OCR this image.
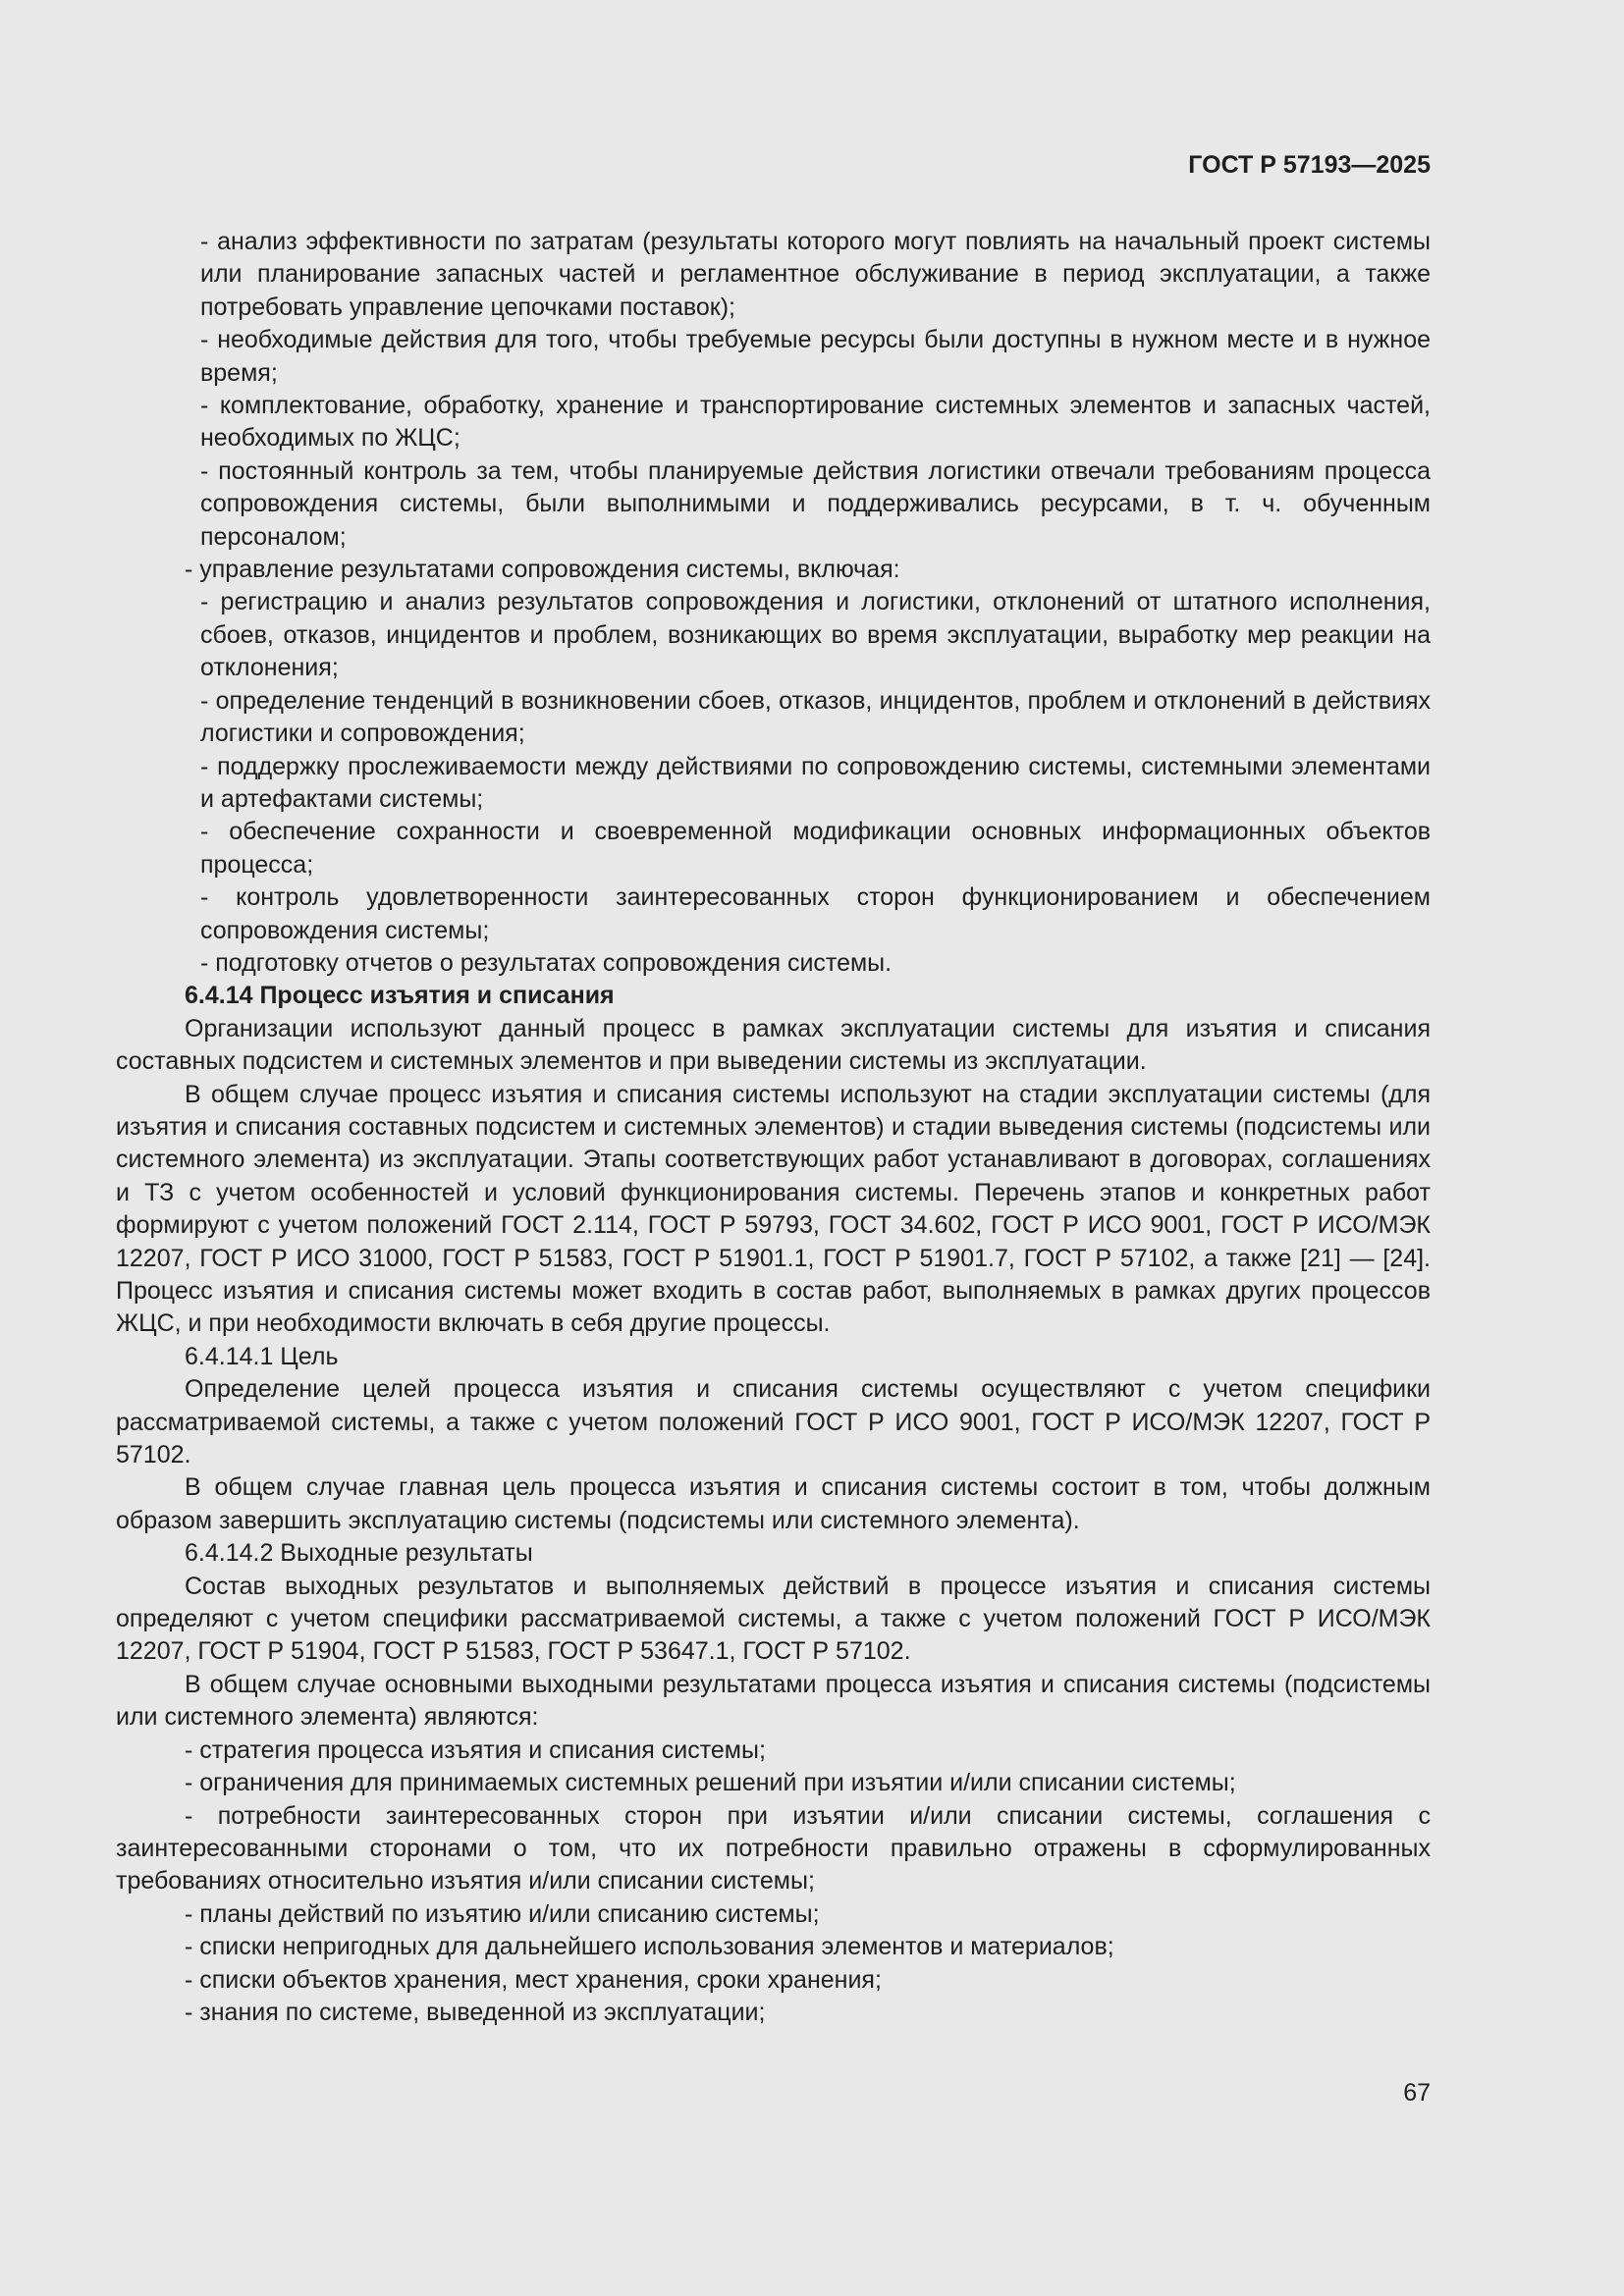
ГОСТ Р 57193—2025

- анализ эффективности по затратам (результаты которого могут повлиять на начальный проект системы или планирование запасных частей и регламентное обслуживание в период эксплуатации, а также потребовать управление цепочками поставок);

- необходимые действия для того, чтобы требуемые ресурсы были доступны в нужном месте и в нужное время;

- комплектование, обработку, хранение и транспортирование системных элементов и запасных частей, необходимых по ЖЦС;

- постоянный контроль за тем, чтобы планируемые действия логистики отвечали требованиям процесса сопровождения системы, были выполнимыми и поддерживались ресурсами, в т. ч. обученным персоналом;

- управление результатами сопровождения системы, включая:

- регистрацию и анализ результатов сопровождения и логистики, отклонений от штатного исполнения, сбоев, отказов, инцидентов и проблем, возникающих во время эксплуатации, выработку мер реакции на отклонения;

- определение тенденций в возникновении сбоев, отказов, инцидентов, проблем и отклонений в действиях логистики и сопровождения;

- поддержку прослеживаемости между действиями по сопровождению системы, системными элементами и артефактами системы;

- обеспечение сохранности и своевременной модификации основных информационных объектов процесса;

- контроль удовлетворенности заинтересованных сторон функционированием и обеспечением сопровождения системы;

- подготовку отчетов о результатах сопровождения системы.

6.4.14 Процесс изъятия и списания

Организации используют данный процесс в рамках эксплуатации системы для изъятия и списания составных подсистем и системных элементов и при выведении системы из эксплуатации.

В общем случае процесс изъятия и списания системы используют на стадии эксплуатации системы (для изъятия и списания составных подсистем и системных элементов) и стадии выведения системы (подсистемы или системного элемента) из эксплуатации. Этапы соответствующих работ устанавливают в договорах, соглашениях и ТЗ с учетом особенностей и условий функционирования системы. Перечень этапов и конкретных работ формируют с учетом положений ГОСТ 2.114, ГОСТ Р 59793, ГОСТ 34.602, ГОСТ Р ИСО 9001, ГОСТ Р ИСО/МЭК 12207, ГОСТ Р ИСО 31000, ГОСТ Р 51583, ГОСТ Р 51901.1, ГОСТ Р 51901.7, ГОСТ Р 57102, а также [21] — [24]. Процесс изъятия и списания системы может входить в состав работ, выполняемых в рамках других процессов ЖЦС, и при необходимости включать в себя другие процессы.

6.4.14.1 Цель

Определение целей процесса изъятия и списания системы осуществляют с учетом специфики рассматриваемой системы, а также с учетом положений ГОСТ Р ИСО 9001, ГОСТ Р ИСО/МЭК 12207, ГОСТ Р 57102.

В общем случае главная цель процесса изъятия и списания системы состоит в том, чтобы должным образом завершить эксплуатацию системы (подсистемы или системного элемента).

6.4.14.2 Выходные результаты

Состав выходных результатов и выполняемых действий в процессе изъятия и списания системы определяют с учетом специфики рассматриваемой системы, а также с учетом положений ГОСТ Р ИСО/МЭК 12207, ГОСТ Р 51904, ГОСТ Р 51583, ГОСТ Р 53647.1, ГОСТ Р 57102.

В общем случае основными выходными результатами процесса изъятия и списания системы (подсистемы или системного элемента) являются:

- стратегия процесса изъятия и списания системы;

- ограничения для принимаемых системных решений при изъятии и/или списании системы;

- потребности заинтересованных сторон при изъятии и/или списании системы, соглашения с заинтересованными сторонами о том, что их потребности правильно отражены в сформулированных требованиях относительно изъятия и/или списании системы;

- планы действий по изъятию и/или списанию системы;

- списки непригодных для дальнейшего использования элементов и материалов;

- списки объектов хранения, мест хранения, сроки хранения;

- знания по системе, выведенной из эксплуатации;

67
